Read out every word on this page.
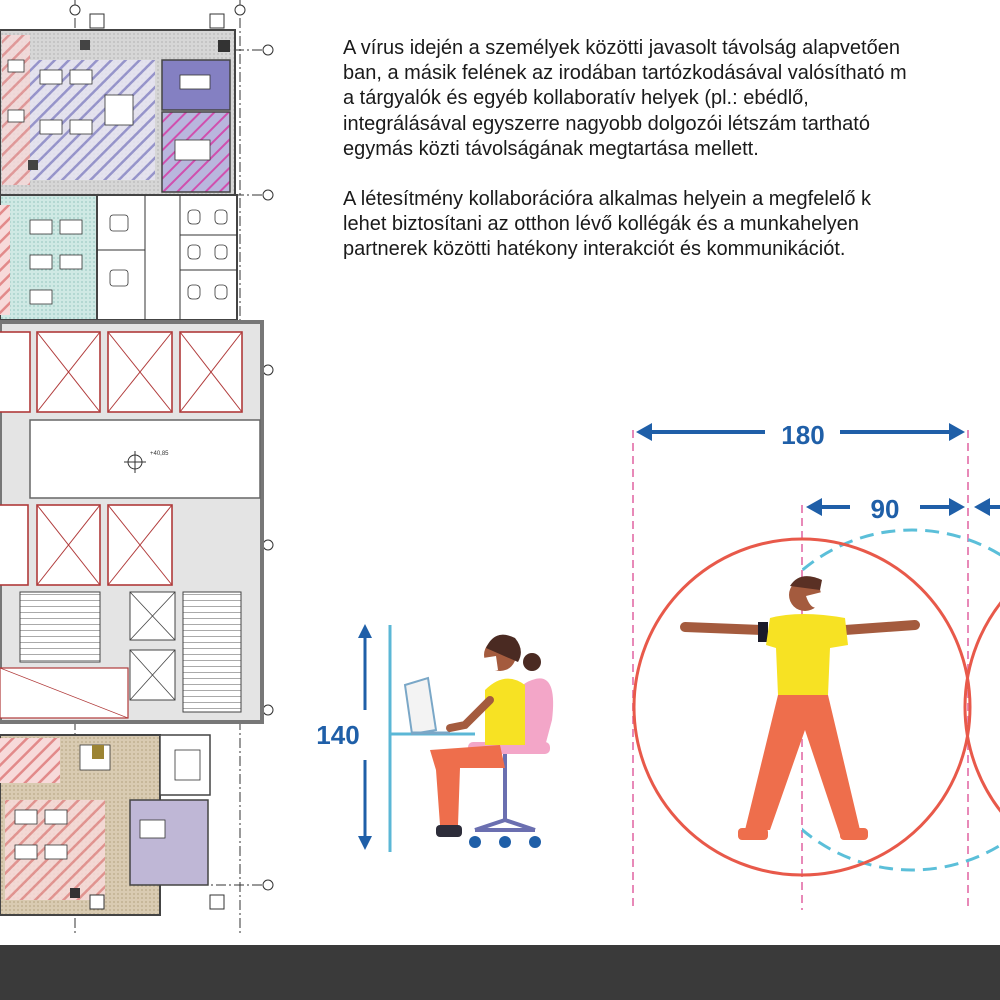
+40,85

A vírus idején a személyek közötti javasolt távolság alapvetően
ban, a másik felének az irodában tartózkodásával valósítható m
a tárgyalók és egyéb kollaboratív helyek (pl.: ebédlő,
integrálásával egyszerre nagyobb dolgozói létszám tartható
egymás közti távolságának megtartása mellett.

A létesítmény kollaborációra alkalmas helyein a megfelelő k
lehet biztosítani az otthon lévő kollégák és a munkahelyen
partnerek közötti hatékony interakciót és kommunikációt.

180
90
140
